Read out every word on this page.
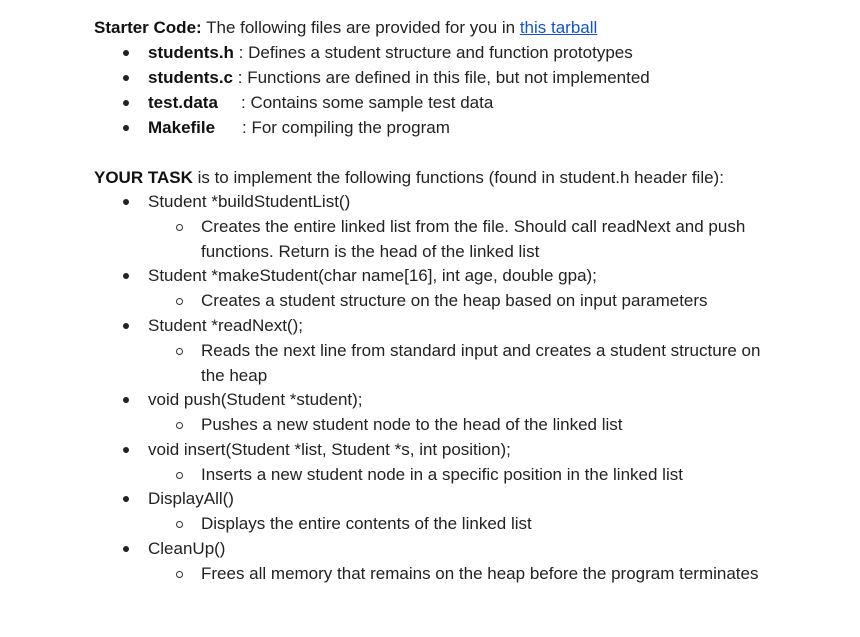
Starter Code: The following files are provided for you in this tarball
students.h : Defines a student structure and function prototypes
students.c : Functions are defined in this file, but not implemented
test.data : Contains some sample test data
Makefile : For compiling the program
YOUR TASK is to implement the following functions (found in student.h header file):
Student *buildStudentList()
Creates the entire linked list from the file. Should call readNext and push
functions. Return is the head of the linked list
Student *makeStudent(char name[16], int age, double gpa);
Creates a student structure on the heap based on input parameters
Student *readNext();
Reads the next line from standard input and creates a student structure on
the heap
void push(Student *student);
Pushes a new student node to the head of the linked list
void insert(Student *list, Student *s, int position);
Inserts a new student node in a specific position in the linked list
DisplayAll()
Displays the entire contents of the linked list
CleanUp()
Frees all memory that remains on the heap before the program terminates
